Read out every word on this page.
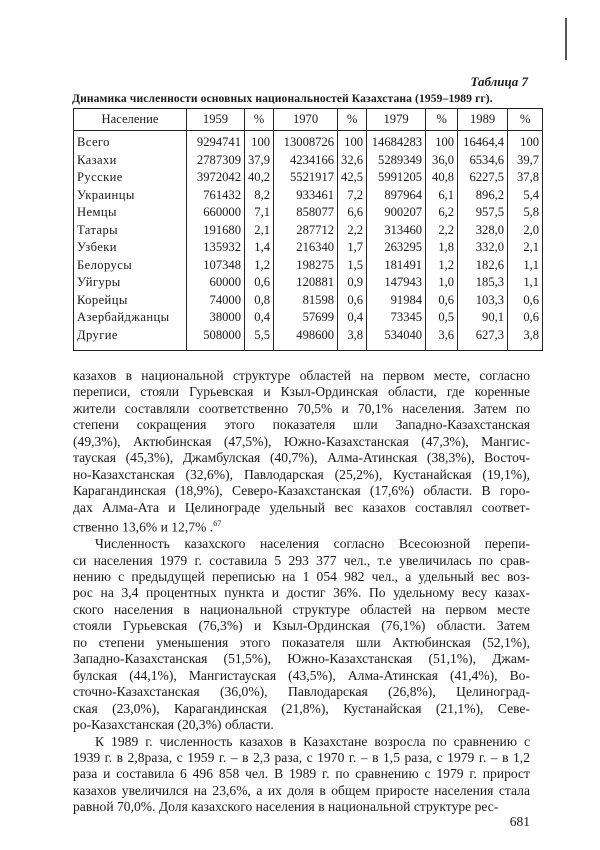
Таблица 7
Динамика численности основных национальностей Казахстана (1959–1989 гг).
Население	1959	%	1970	%	1979	%	1989	%
Всего	9294741	100	13008726	100	14684283	100	16464,4	100
Казахи	2787309	37,9	4234166	32,6	5289349	36,0	6534,6	39,7
Русские	3972042	40,2	5521917	42,5	5991205	40,8	6227,5	37,8
Украинцы	761432	8,2	933461	7,2	897964	6,1	896,2	5,4
Немцы	660000	7,1	858077	6,6	900207	6,2	957,5	5,8
Татары	191680	2,1	287712	2,2	313460	2,2	328,0	2,0
Узбеки	135932	1,4	216340	1,7	263295	1,8	332,0	2,1
Белорусы	107348	1,2	198275	1,5	181491	1,2	182,6	1,1
Уйгуры	60000	0,6	120881	0,9	147943	1,0	185,3	1,1
Корейцы	74000	0,8	81598	0,6	91984	0,6	103,3	0,6
Азербайджанцы	38000	0,4	57699	0,4	73345	0,5	90,1	0,6
Другие	508000	5,5	498600	3,8	534040	3,6	627,3	3,8
казахов в национальной структуре областей на первом месте, согласно
переписи, стояли Гурьевская и Кзыл-Ординская области, где коренные
жители составляли соответственно 70,5% и 70,1% населения. Затем по
степени сокращения этого показателя шли Западно-Казахстанская
(49,3%), Актюбинская (47,5%), Южно-Казахстанская (47,3%), Мангис-
тауская (45,3%), Джамбулская (40,7%), Алма-Атинская (38,3%), Восточ-
но-Казахстанская (32,6%), Павлодарская (25,2%), Кустанайская (19,1%),
Карагандинская (18,9%), Северо-Казахстанская (17,6%) области. В горо-
дах Алма-Ата и Целинограде удельный вес казахов составлял соответ-
ственно 13,6% и 12,7% .$^{67}$
Численность казахского населения согласно Всесоюзной перепи-
си населения 1979 г. составила 5 293 377 чел., т.е увеличилась по срав-
нению с предыдущей переписью на 1 054 982 чел., а удельный вес воз-
рос на 3,4 процентных пункта и достиг 36%. По удельному весу казах-
ского населения в национальной структуре областей на первом месте
стояли Гурьевская (76,3%) и Кзыл-Ординская (76,1%) области. Затем
по степени уменьшения этого показателя шли Актюбинская (52,1%),
Западно-Казахстанская (51,5%), Южно-Казахстанская (51,1%), Джам-
булская (44,1%), Мангистауская (43,5%), Алма-Атинская (41,4%), Во-
сточно-Казахстанская (36,0%), Павлодарская (26,8%), Целиноград-
ская (23,0%), Карагандинская (21,8%), Кустанайская (21,1%), Севе-
ро-Казахстанская (20,3%) области.
К 1989 г. численность казахов в Казахстане возросла по сравнению с
1939 г. в 2,8раза, с 1959 г. – в 2,3 раза, с 1970 г. – в 1,5 раза, с 1979 г. – в 1,2
раза и составила 6 496 858 чел. В 1989 г. по сравнению с 1979 г. прирост
казахов увеличился на 23,6%, а их доля в общем приросте населения стала
равной 70,0%. Доля казахского населения в национальной структуре рес-
681
